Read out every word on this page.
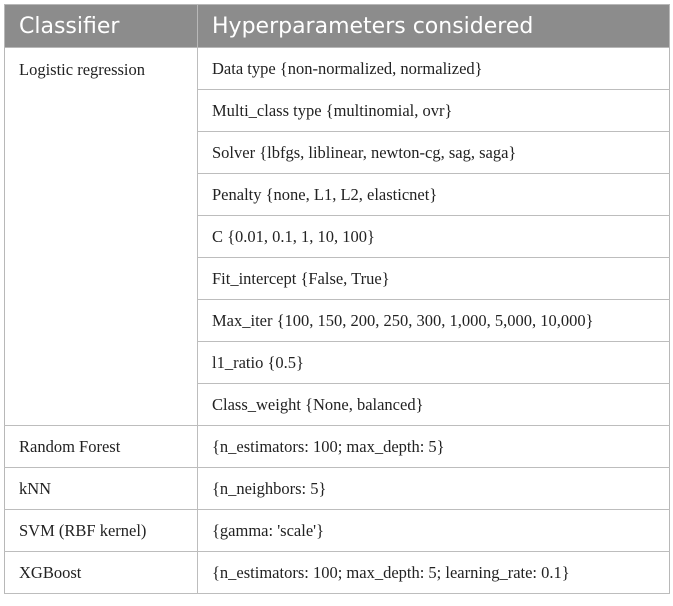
Classifier	Hyperparameters considered
Logistic regression	Data type {non-normalized, normalized}
	Multi_class type {multinomial, ovr}
	Solver {lbfgs, liblinear, newton-cg, sag, saga}
	Penalty {none, L1, L2, elasticnet}
	C {0.01, 0.1, 1, 10, 100}
	Fit_intercept {False, True}
	Max_iter {100, 150, 200, 250, 300, 1,000, 5,000, 10,000}
	l1_ratio {0.5}
	Class_weight {None, balanced}
Random Forest	{n_estimators: 100; max_depth: 5}
kNN	{n_neighbors: 5}
SVM (RBF kernel)	{gamma: 'scale'}
XGBoost	{n_estimators: 100; max_depth: 5; learning_rate: 0.1}
